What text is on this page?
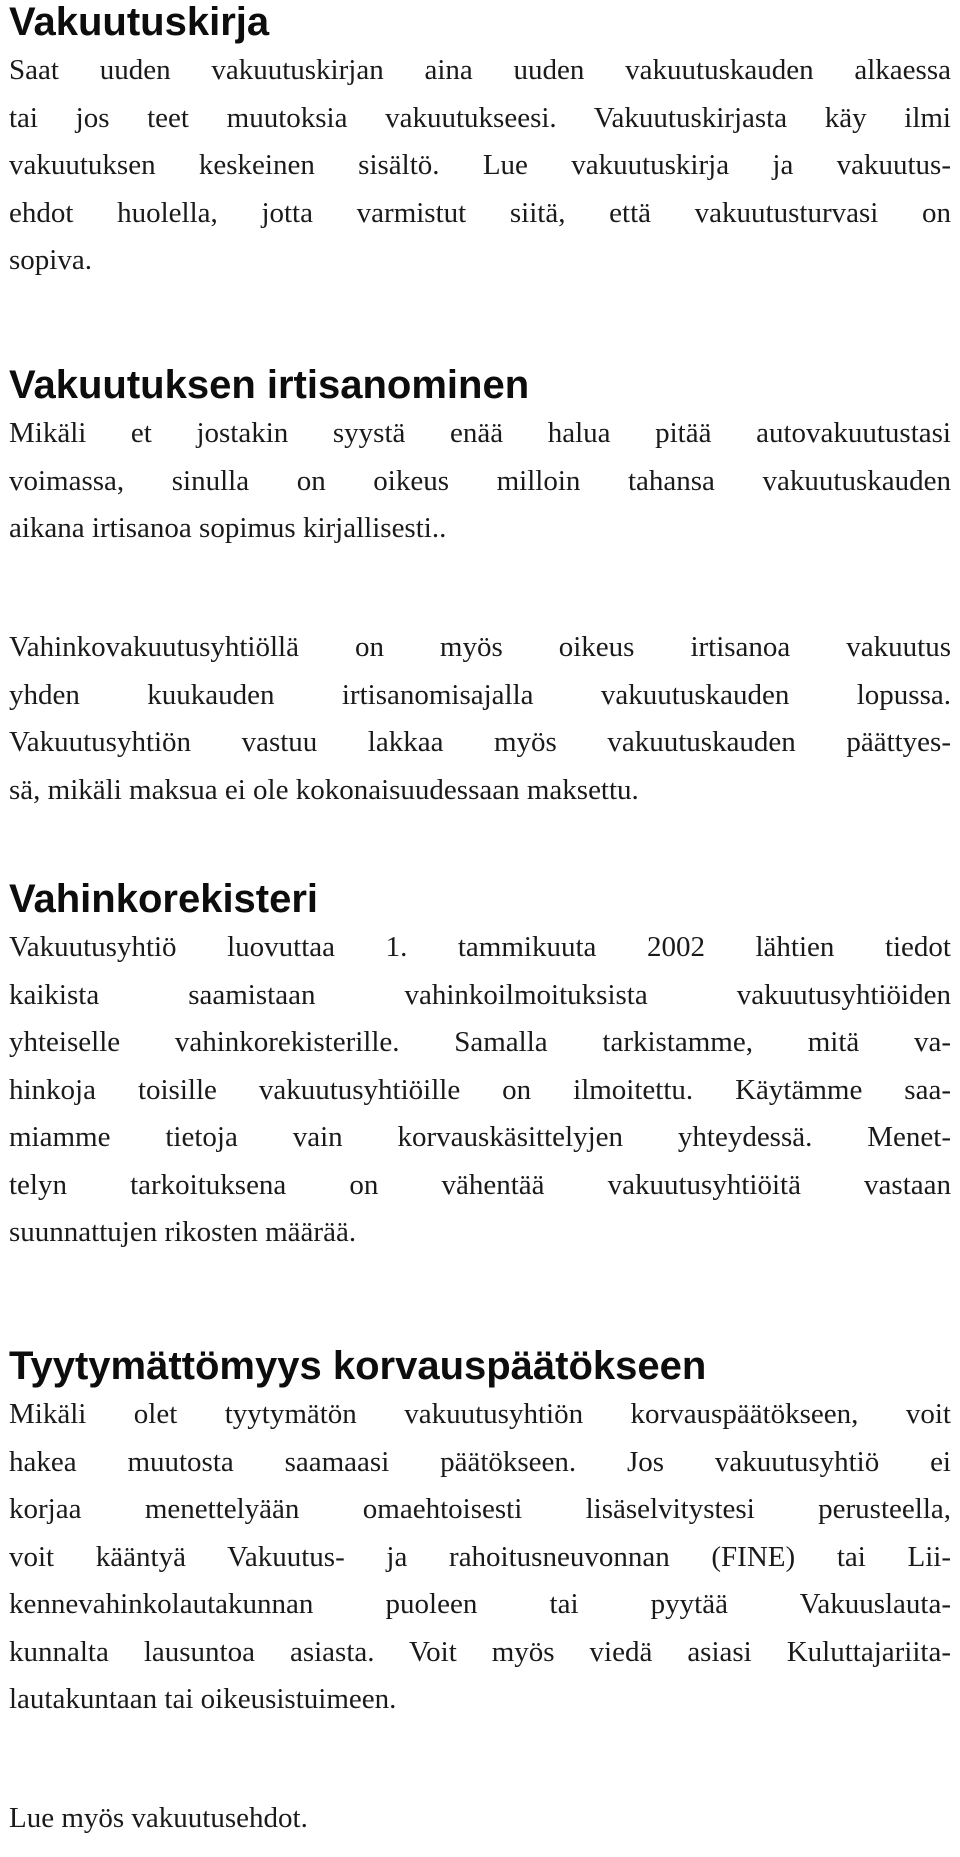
Vakuutuskirja

Saat uuden vakuutuskirjan aina uuden vakuutuskauden alkaessa
tai jos teet muutoksia vakuutukseesi. Vakuutuskirjasta käy ilmi
vakuutuksen keskeinen sisältö. Lue vakuutuskirja ja vakuutus-
ehdot huolella, jotta varmistut siitä, että vakuutusturvasi on
sopiva.

Vakuutuksen irtisanominen

Mikäli et jostakin syystä enää halua pitää autovakuutustasi
voimassa, sinulla on oikeus milloin tahansa vakuutuskauden
aikana irtisanoa sopimus kirjallisesti..

Vahinkovakuutusyhtiöllä on myös oikeus irtisanoa vakuutus
yhden kuukauden irtisanomisajalla vakuutuskauden lopussa.
Vakuutusyhtiön vastuu lakkaa myös vakuutuskauden päättyes-
sä, mikäli maksua ei ole kokonaisuudessaan maksettu.

Vahinkorekisteri

Vakuutusyhtiö luovuttaa 1. tammikuuta 2002 lähtien tiedot
kaikista saamistaan vahinkoilmoituksista vakuutusyhtiöiden
yhteiselle vahinkorekisterille. Samalla tarkistamme, mitä va-
hinkoja toisille vakuutusyhtiöille on ilmoitettu. Käytämme saa-
miamme tietoja vain korvauskäsittelyjen yhteydessä. Menet-
telyn tarkoituksena on vähentää vakuutusyhtiöitä vastaan
suunnattujen rikosten määrää.

Tyytymättömyys korvauspäätökseen

Mikäli olet tyytymätön vakuutusyhtiön korvauspäätökseen, voit
hakea muutosta saamaasi päätökseen. Jos vakuutusyhtiö ei
korjaa menettelyään omaehtoisesti lisäselvitystesi perusteella,
voit kääntyä Vakuutus- ja rahoitusneuvonnan (FINE) tai Lii-
kennevahinkolautakunnan puoleen tai pyytää Vakuuslauta-
kunnalta lausuntoa asiasta. Voit myös viedä asiasi Kuluttajariita-
lautakuntaan tai oikeusistuimeen.

Lue myös vakuutusehdot.
